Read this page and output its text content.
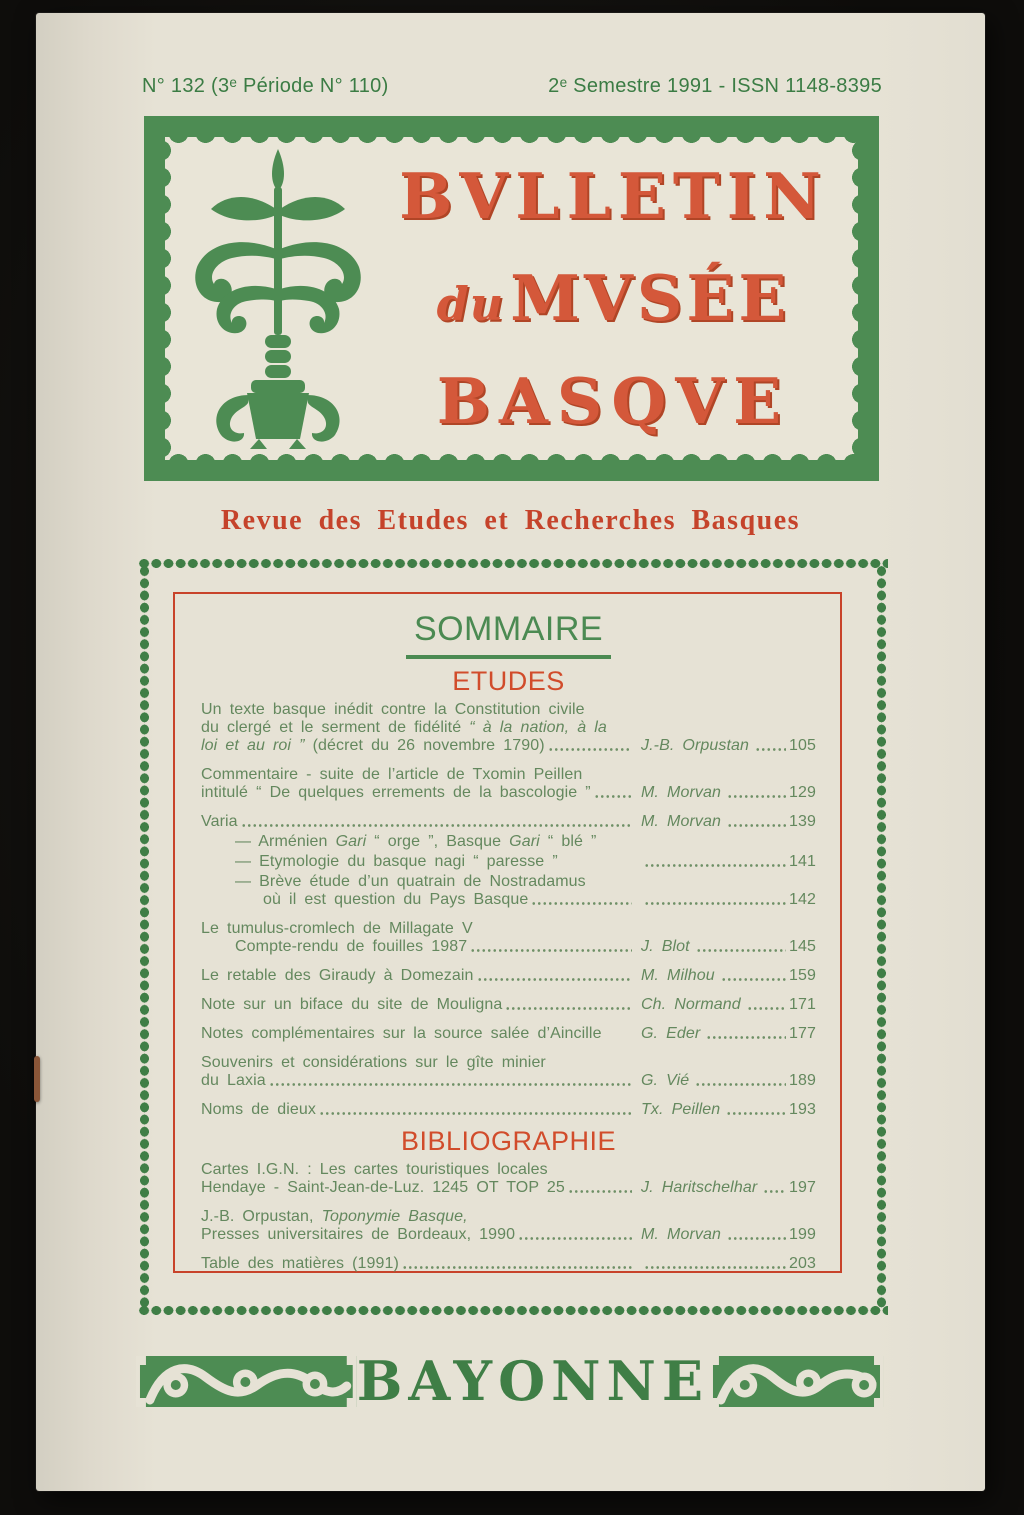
N° 132 (3ᵉ Période N° 110)	2ᵉ Semestre 1991 - ISSN 1148-8395
BVLLETIN
duMVSÉE
BASQVE
Revue des Etudes et Recherches Basques
SOMMAIRE
ETUDES
Un texte basque inédit contre la Constitution civile
du clergé et le serment de fidélité “ à la nation, à la
loi et au roi ” (décret du 26 novembre 1790)	J.-B. Orpustan 105
Commentaire - suite de l’article de Txomin Peillen
intitulé “ De quelques errements de la bascologie ”	M. Morvan	129
Varia	M. Morvan	139
— Arménien Gari “ orge ”, Basque Gari “ blé ”
— Etymologie du basque nagi “ paresse ”	141
— Brève étude d’un quatrain de Nostradamus
où il est question du Pays Basque	142
Le tumulus-cromlech de Millagate V
Compte-rendu de fouilles 1987	J. Blot	145
Le retable des Giraudy à Domezain	M. Milhou	159
Note sur un biface du site de Mouligna	Ch. Normand	171
Notes complémentaires sur la source salée d’Aincille G. Eder	177
Souvenirs et considérations sur le gîte minier
du Laxia	G. Vié	189
Noms de dieux	Tx. Peillen	193
BIBLIOGRAPHIE
Cartes I.G.N. : Les cartes touristiques locales
Hendaye - Saint-Jean-de-Luz. 1245 OT TOP 25	J. Haritschelhar 197
J.-B. Orpustan, Toponymie Basque,
Presses universitaires de Bordeaux, 1990	M. Morvan	199
Table des matières (1991)	203
BAYONNE
